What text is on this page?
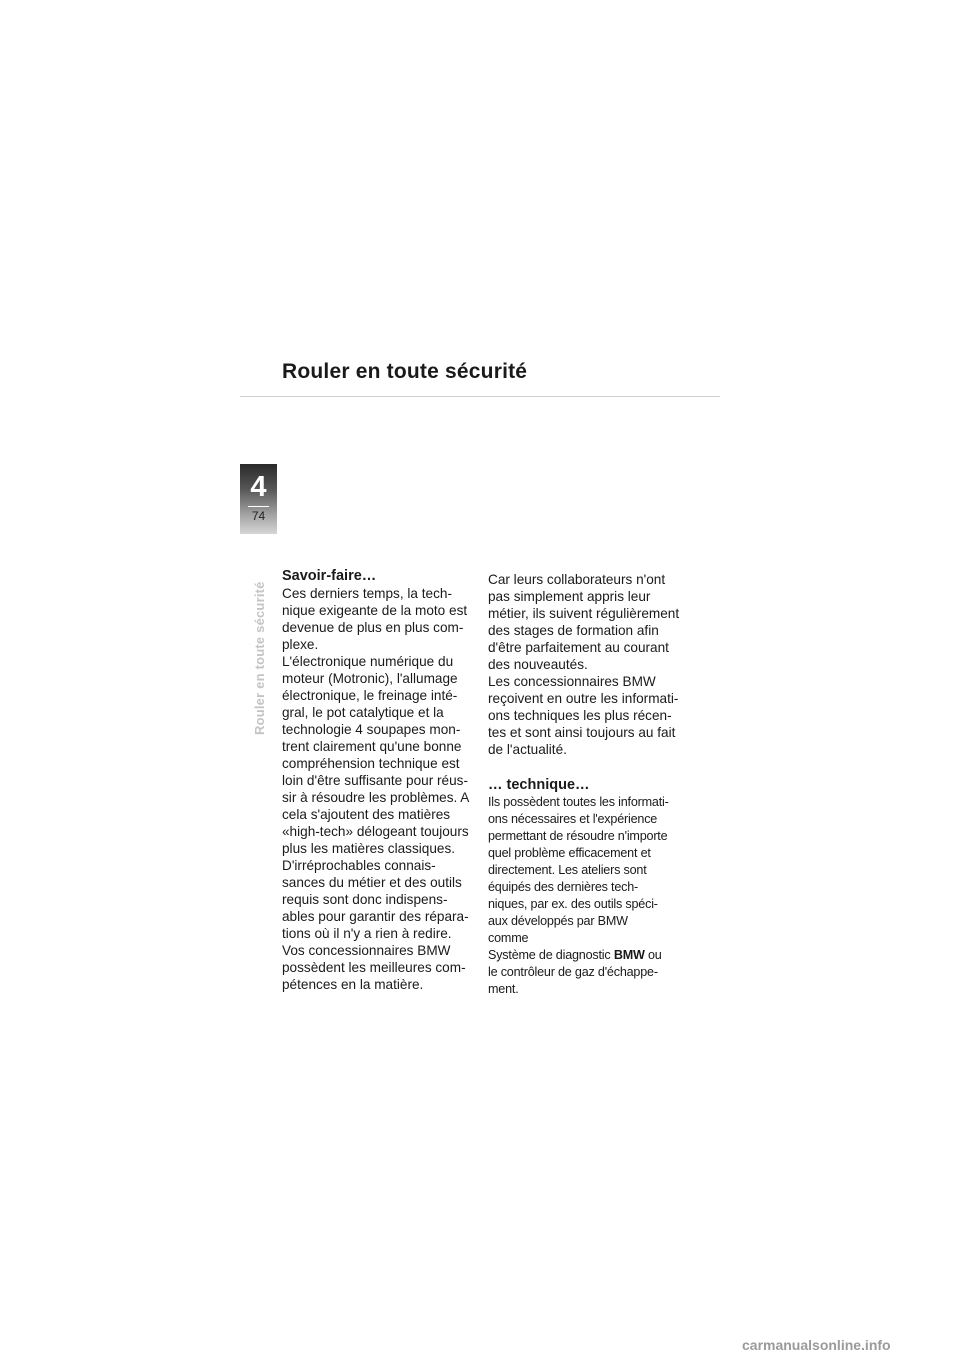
Rouler en toute sécurité
4
74
Rouler en toute sécurité
Savoir-faire…
Ces derniers temps, la tech-
nique exigeante de la moto est
devenue de plus en plus com-
plexe.
L'électronique numérique du
moteur (Motronic), l'allumage
électronique, le freinage inté-
gral, le pot catalytique et la
technologie 4 soupapes mon-
trent clairement qu'une bonne
compréhension technique est
loin d'être suffisante pour réus-
sir à résoudre les problèmes. A
cela s'ajoutent des matières
«high-tech» délogeant toujours
plus les matières classiques.
D'irréprochables connais-
sances du métier et des outils
requis sont donc indispens-
ables pour garantir des répara-
tions où il n'y a rien à redire.
Vos concessionnaires BMW
possèdent les meilleures com-
pétences en la matière.
Car leurs collaborateurs n'ont
pas simplement appris leur
métier, ils suivent régulièrement
des stages de formation afin
d'être parfaitement au courant
des nouveautés.
Les concessionnaires BMW
reçoivent en outre les informati-
ons techniques les plus récen-
tes et sont ainsi toujours au fait
de l'actualité.
… technique…
Ils possèdent toutes les informati-
ons nécessaires et l'expérience
permettant de résoudre n'importe
quel problème efficacement et
directement. Les ateliers sont
équipés des dernières tech-
niques, par ex. des outils spéci-
aux développés par BMW
comme
Système de diagnostic BMW ou
le contrôleur de gaz d'échappe-
ment.
carmanualsonline.info
